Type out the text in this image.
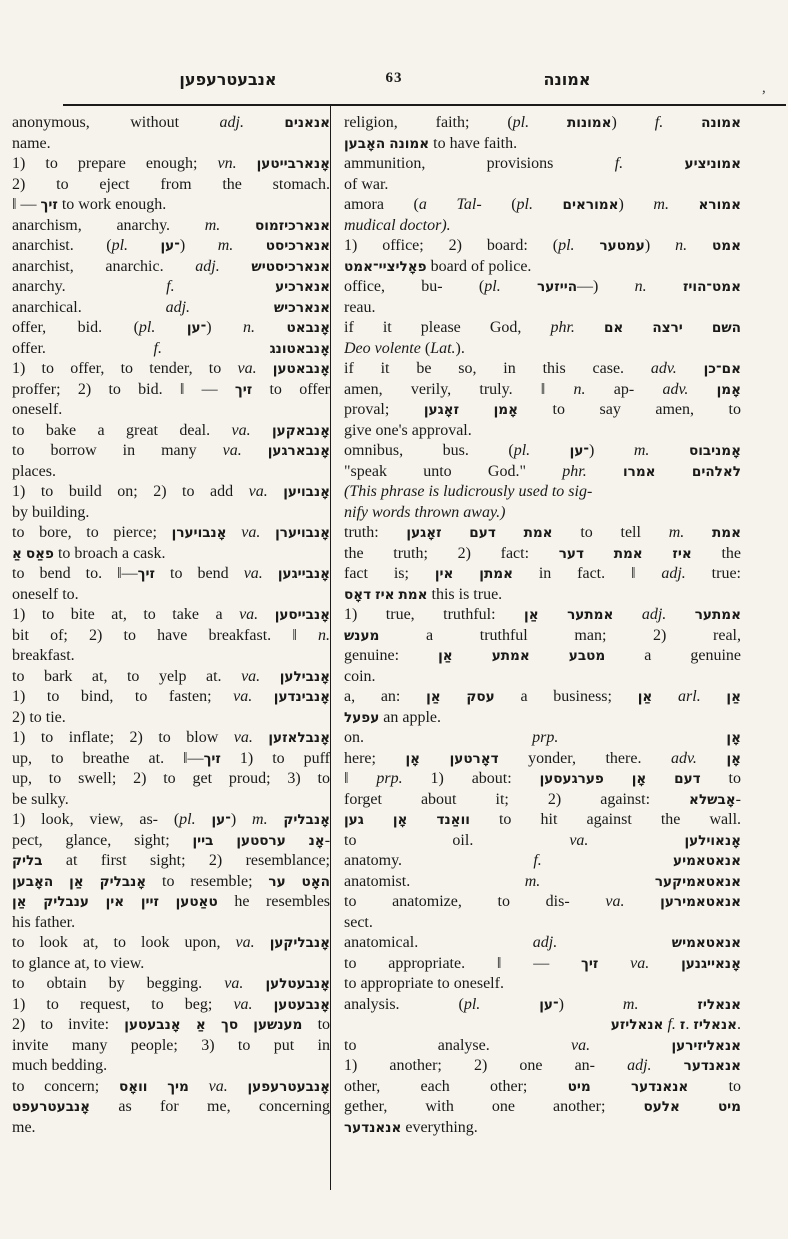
אנבעטרעפען	63	אמונה	,
anonymous, without adj.	אנאנים
name.
1) to prepare enough; vn. אָנארבייטען
2) to eject from the stomach.
‖ — זיך to work enough.
anarchism, anarchy. m.	אנארכיזמוס
anarchist. (pl. ־ען) m. אנארכיסט
anarchist, anarchic. adj. אנארכיסטיש
anarchy. f.	אנארכיע
anarchical. adj.	אנארכיש
offer, bid. (pl. ־ען) n. אָנבאט
offer. f.	אָנבאטונג
1) to offer, to tender, to va. אָנבאטען
proffer; 2) to bid. ‖ — זיך to offer
oneself.
to bake a great deal. va. אָנבאקען
to borrow in many va. אָנבארגען
places.
1) to build on; 2) to add va. אָנבויען
by building.
to bore, to pierce; אָנבויערן va. אָנבויערן
אַ פאַס to broach a cask.
to bend to. ‖—זיך to bend va. אָנבייגען
oneself to.
1) to bite at, to take a va. אָנבייסען
bit of; 2) to have breakfast. ‖ n.
breakfast.
to bark at, to yelp at. va. אָנבילען
1) to bind, to fasten; va. אָנבינדען
2) to tie.
1) to inflate; 2) to blow va. אָנבלאזען
up, to breathe at. ‖—זיך 1) to puff
up, to swell; 2) to get proud; 3) to
be sulky.
1) look, view, as- (pl. ־ען) m. אָנבליק
pect, glance, sight; ביין ערסטען אָנ-
בליק at first sight; 2) resemblance;
האָבען אַן אָנבליק to resemble; ער האָט
אַן ענבליק אין זיין טאַטען he resembles
his father.
to look at, to look upon, va. אָנבליקען
to glance at, to view.
to obtain by begging. va. אָנבעטלען
1) to request, to beg; va. אָנבעטען
2) to invite: אָנבעטען אַ סך מענשען to
invite many people; 3) to put in
much bedding.
to concern; וואָס מיך va. אָנבעטרעפען
אָנבעטרעפט as for me, concerning
me.
religion, faith; (pl.	אמונות) f.	אמונה
האָבען אמונה to have faith.
ammunition, provisions f.	אמוניציע
of war.
amora (a Tal- (pl. אמוראים) m. אמורא
mudical doctor).
1) office; 2) board: (pl. עמטער) n. אמט
פאָליציי־אמט board of police.
office, bu- (pl.	הייזער—) n.	אמט־הויז
reau.
if it please God, phr. אם ירצה השם
Deo volente (Lat.).
if it be so, in this case. adv. אם־כן
amen, verily, truly. ‖ n. ap- adv. אָמן
proval; זאָגען	אָמן to say amen, to
give one's approval.
omnibus, bus. (pl.	־ען) m.	אָמניבוס
"speak unto God." phr.	אמרו	לאלהים
(This phrase is ludicrously used to sig-
nify words thrown away.)
truth: זאָגען דעם אמת to tell m. אמת
the truth; 2) fact: דער אמת איז the
fact is; אין אמתן in fact. ‖ adj. true:
דאָס איז אמת this is true.
1) true, truthful: אַן אמתער adj. אמתער
מענש a truthful man; 2) real,
genuine: אַן	אמתע	מטבע a genuine
coin.
a, an: אַן עסק a business; אַן arl. אַן
עפעל an apple.
on. prp.	אָן
here; אָן דאָרטען yonder, there. adv. אָן
‖ prp. 1) about: פערגעסען אָן דעם to
forget about it; 2) against: אָבשלא-
גען אָן וואַנד to hit against the wall.
to oil. va.	אָנאוילען
anatomy. f.	אנאטאמיע
anatomist. m.	אנאטאמיקער
to anatomize, to dis- va.	אנאטאמירען
sect.
anatomical. adj.	אנאטאמיש
to appropriate. ‖ — זיך va. אָנאייגנען
to appropriate to oneself.
analysis. (pl.	־ען) m.	אנאליז
אנאליזע f. ז. אנאליז.
to analyse. va.	אנאליזירען
1) another; 2) one an- adj. אנאנדער
other, each other; מיט	אנאנדער to
gether, with one another; אלעס	מיט
אנאנדער everything.
